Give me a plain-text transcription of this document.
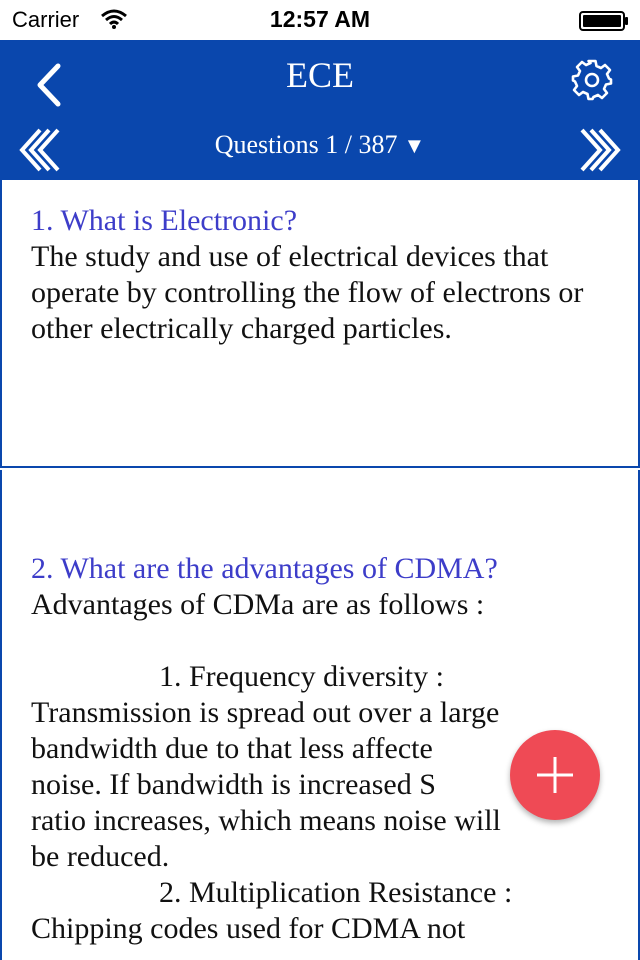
Carrier	12:57 AM
ECE
Questions 1 / 387 ▼

1. What is Electronic?

The study and use of electrical devices that operate by controlling the flow of electrons or other electrically charged particles.

2. What are the advantages of CDMA?

Advantages of CDMa are as follows :

1. Frequency diversity :

Transmission is spread out over a large

bandwidth due to that less affecte

noise. If bandwidth is increased S

ratio increases, which means noise will

be reduced.

2. Multiplication Resistance :

Chipping codes used for CDMA not
